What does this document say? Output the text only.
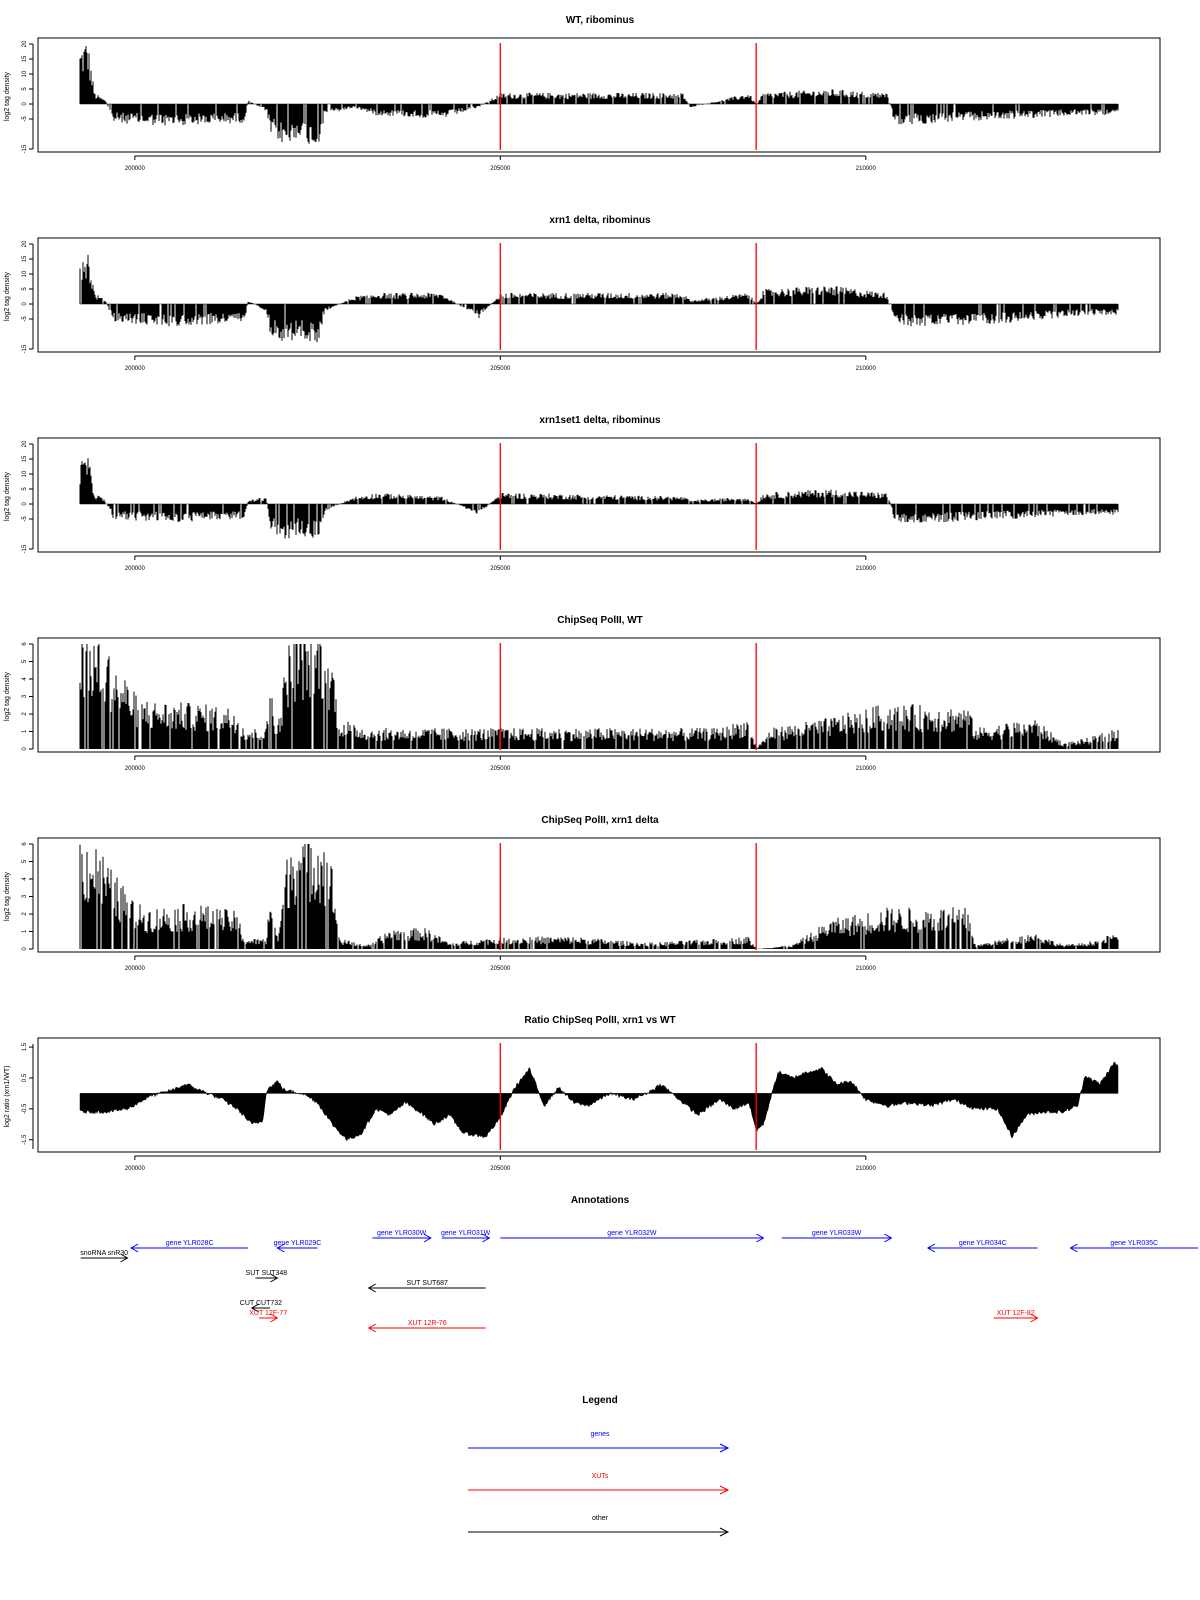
WT, ribominus
-15
-5
0
5
10
15
20
log2 tag density
200000	205000	210000
xrn1 delta, ribominus
-15
-5
0
5
10
15
20
log2 tag density
200000	205000	210000
xrn1set1 delta, ribominus
-15
-5
0
5
10
15
20
log2 tag density
200000	205000	210000
ChipSeq PolII, WT
0
1
2
3
4
5
6
log2 tag density
200000	205000	210000
ChipSeq PolII, xrn1 delta
0
1
2
3
4
5
6
log2 tag density
200000	205000	210000
Ratio ChipSeq PolII, xrn1 vs WT
-1.5
-0.5
0.5
1.5
log2 ratio (xrn1/WT)
200000	205000	210000
Annotations
snoRNA snR30
gene YLR028C	gene YLR029C
gene YLR030W gene YLR031W	gene YLR032W	gene YLR033W
gene YLR034C	gene YLR035C
SUT SUT348
SUT SUT687
CUT CUT732
XUT 12F-77
XUT 12R-76
XUT 12F-82
Legend
genes
XUTs
other
